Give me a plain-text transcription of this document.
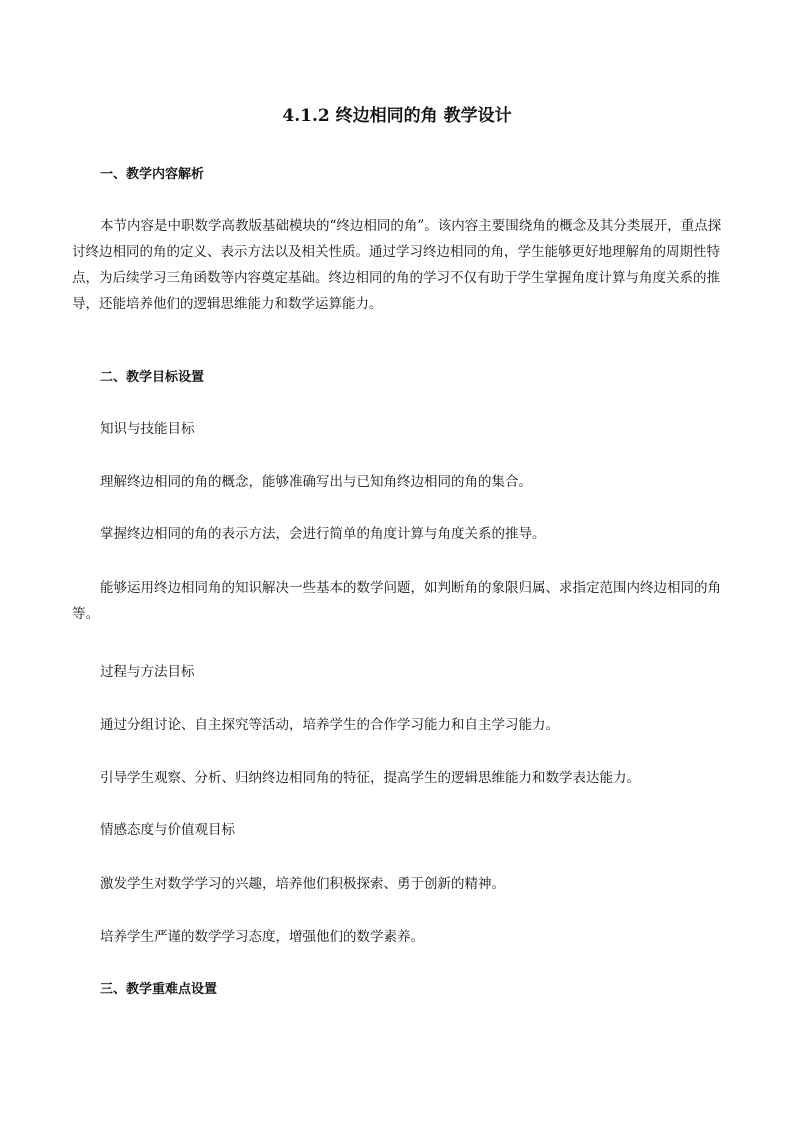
4.1.2 终边相同的角 教学设计
一、教学内容解析

本节内容是中职数学高教版基础模块的“终边相同的角”。该内容主要围绕角的概念及其分类展开，重点探讨终边相同的角的定义、表示方法以及相关性质。通过学习终边相同的角，学生能够更好地理解角的周期性特点，为后续学习三角函数等内容奠定基础。终边相同的角的学习不仅有助于学生掌握角度计算与角度关系的推导，还能培养他们的逻辑思维能力和数学运算能力。

二、教学目标设置

知识与技能目标

理解终边相同的角的概念，能够准确写出与已知角终边相同的角的集合。

掌握终边相同的角的表示方法，会进行简单的角度计算与角度关系的推导。

能够运用终边相同角的知识解决一些基本的数学问题，如判断角的象限归属、求指定范围内终边相同的角等。

过程与方法目标

通过分组讨论、自主探究等活动，培养学生的合作学习能力和自主学习能力。

引导学生观察、分析、归纳终边相同角的特征，提高学生的逻辑思维能力和数学表达能力。

情感态度与价值观目标

激发学生对数学学习的兴趣，培养他们积极探索、勇于创新的精神。

培养学生严谨的数学学习态度，增强他们的数学素养。

三、教学重难点设置
